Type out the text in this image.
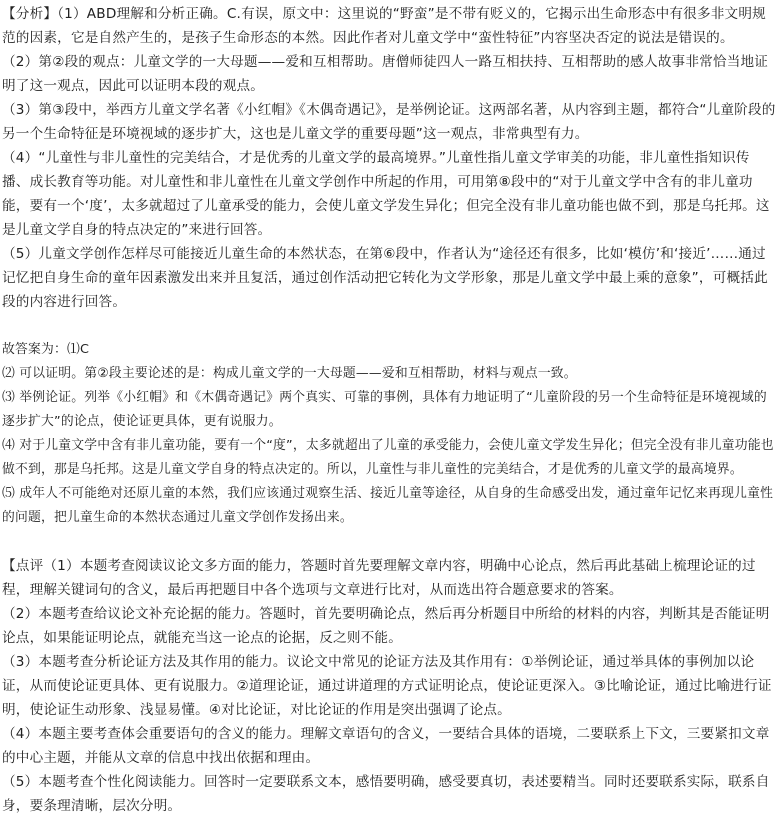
【分析】（1）ABD理解和分析正确。C.有误，原文中：这里说的“野蛮”是不带有贬义的，它揭示出生命形态中有很多非文明规范的因素，它是自然产生的，是孩子生命形态的本然。因此作者对儿童文学中“蛮性特征”内容坚决否定的说法是错误的。

（2）第②段的观点：儿童文学的一大母题——爱和互相帮助。唐僧师徒四人一路互相扶持、互相帮助的感人故事非常恰当地证明了这一观点，因此可以证明本段的观点。

（3）第③段中，举西方儿童文学名著《小红帽》《木偶奇遇记》，是举例论证。这两部名著，从内容到主题，都符合“儿童阶段的另一个生命特征是环境视域的逐步扩大，这也是儿童文学的重要母题”这一观点，非常典型有力。

（4）“儿童性与非儿童性的完美结合，才是优秀的儿童文学的最高境界。”儿童性指儿童文学审美的功能，非儿童性指知识传播、成长教育等功能。对儿童性和非儿童性在儿童文学创作中所起的作用，可用第⑧段中的“对于儿童文学中含有的非儿童功能，要有一个‘度’，太多就超过了儿童承受的能力，会使儿童文学发生异化；但完全没有非儿童功能也做不到，那是乌托邦。这是儿童文学自身的特点决定的”来进行回答。

（5）儿童文学创作怎样尽可能接近儿童生命的本然状态，在第⑥段中，作者认为“途径还有很多，比如‘模仿’和‘接近’……通过记忆把自身生命的童年因素激发出来并且复活，通过创作活动把它转化为文学形象，那是儿童文学中最上乘的意象”，可概括此段的内容进行回答。

故答案为：⑴C

⑵ 可以证明。第②段主要论述的是：构成儿童文学的一大母题——爱和互相帮助，材料与观点一致。

⑶ 举例论证。列举《小红帽》和《木偶奇遇记》两个真实、可靠的事例，具体有力地证明了“儿童阶段的另一个生命特征是环境视域的逐步扩大”的论点，使论证更具体，更有说服力。

⑷ 对于儿童文学中含有非儿童功能，要有一个“度”，太多就超出了儿童的承受能力，会使儿童文学发生异化；但完全没有非儿童功能也做不到，那是乌托邦。这是儿童文学自身的特点决定的。所以，儿童性与非儿童性的完美结合，才是优秀的儿童文学的最高境界。

⑸ 成年人不可能绝对还原儿童的本然，我们应该通过观察生活、接近儿童等途径，从自身的生命感受出发，通过童年记忆来再现儿童性的问题，把儿童生命的本然状态通过儿童文学创作发扬出来。

【点评（1）本题考查阅读议论文多方面的能力，答题时首先要理解文章内容，明确中心论点，然后再此基础上梳理论证的过程，理解关键词句的含义，最后再把题目中各个选项与文章进行比对，从而选出符合题意要求的答案。

（2）本题考查给议论文补充论据的能力。答题时，首先要明确论点，然后再分析题目中所给的材料的内容，判断其是否能证明论点，如果能证明论点，就能充当这一论点的论据，反之则不能。

（3）本题考查分析论证方法及其作用的能力。议论文中常见的论证方法及其作用有：①举例论证，通过举具体的事例加以论证，从而使论证更具体、更有说服力。②道理论证，通过讲道理的方式证明论点，使论证更深入。③比喻论证，通过比喻进行证明，使论证生动形象、浅显易懂。④对比论证，对比论证的作用是突出强调了论点。

（4）本题主要考查体会重要语句的含义的能力。理解文章语句的含义，一要结合具体的语境，二要联系上下文，三要紧扣文章的中心主题，并能从文章的信息中找出依据和理由。

（5）本题考查个性化阅读能力。回答时一定要联系文本，感悟要明确，感受要真切，表述要精当。同时还要联系实际，联系自身，要条理清晰，层次分明。
